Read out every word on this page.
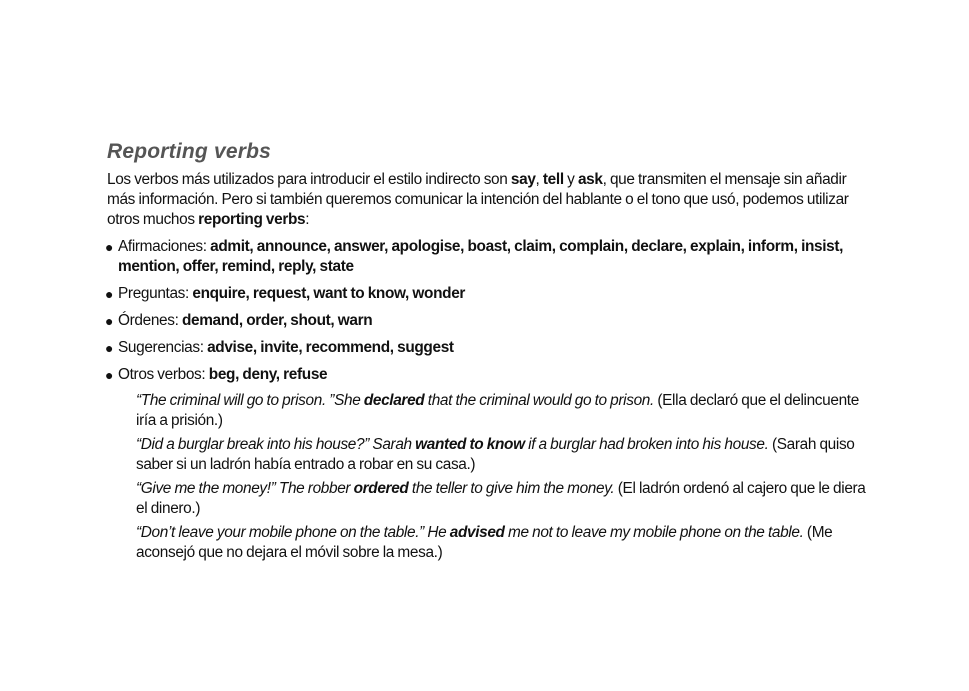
Reporting verbs

Los verbos más utilizados para introducir el estilo indirecto son say, tell y ask, que transmiten el mensaje sin añadir más información. Pero si también queremos comunicar la intención del hablante o el tono que usó, podemos utilizar otros muchos reporting verbs:

● Afirmaciones: admit, announce, answer, apologise, boast, claim, complain, declare, explain, inform, insist, mention, offer, remind, reply, state
● Preguntas: enquire, request, want to know, wonder
● Órdenes: demand, order, shout, warn
● Sugerencias: advise, invite, recommend, suggest
● Otros verbos: beg, deny, refuse
“The criminal will go to prison. ”She declared that the criminal would go to prison. (Ella declaró que el delincuente iría a prisión.)
“Did a burglar break into his house?” Sarah wanted to know if a burglar had broken into his house. (Sarah quiso saber si un ladrón había entrado a robar en su casa.)
“Give me the money!” The robber ordered the teller to give him the money. (El ladrón ordenó al cajero que le diera el dinero.)
“Don’t leave your mobile phone on the table.” He advised me not to leave my mobile phone on the table. (Me aconsejó que no dejara el móvil sobre la mesa.)
